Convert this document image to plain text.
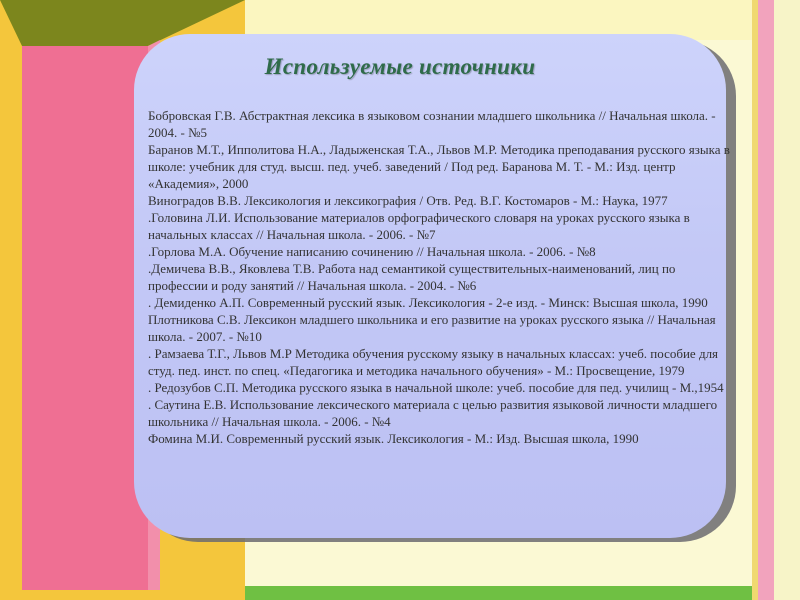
Используемые источники
Бобровская Г.В. Абстрактная лексика в языковом сознании младшего школьника // Начальная школа. - 2004. - №5
Баранов М.Т., Ипполитова Н.А., Ладыженская Т.А., Львов М.Р. Методика преподавания русского языка в школе: учебник для студ. высш. пед. учеб. заведений / Под ред. Баранова М. Т. - М.: Изд. центр «Академия», 2000
Виноградов В.В. Лексикология и лексикография / Отв. Ред. В.Г. Костомаров - М.: Наука, 1977
.Головина Л.И. Использование материалов орфографического словаря на уроках русского языка в начальных классах // Начальная школа. - 2006. - №7
.Горлова М.А. Обучение написанию сочинению // Начальная школа. - 2006. - №8
.Демичева В.В., Яковлева Т.В. Работа над семантикой существительных-наименований, лиц по профессии и роду занятий // Начальная школа. - 2004. - №6
. Демиденко А.П. Современный русский язык. Лексикология - 2-е изд. - Минск: Высшая школа, 1990
Плотникова С.В. Лексикон младшего школьника и его развитие на уроках русского языка // Начальная школа. - 2007. - №10
. Рамзаева Т.Г., Львов М.Р Методика обучения русскому языку в начальных классах: учеб. пособие для студ. пед. инст. по спец. «Педагогика и методика начального обучения» - М.: Просвещение, 1979
. Редозубов С.П. Методика русского языка в начальной школе: учеб. пособие для пед. училищ - М.,1954
. Саутина Е.В. Использование лексического материала с целью развития языковой личности младшего школьника // Начальная школа. - 2006. - №4
Фомина М.И. Современный русский язык. Лексикология - М.: Изд. Высшая школа, 1990
